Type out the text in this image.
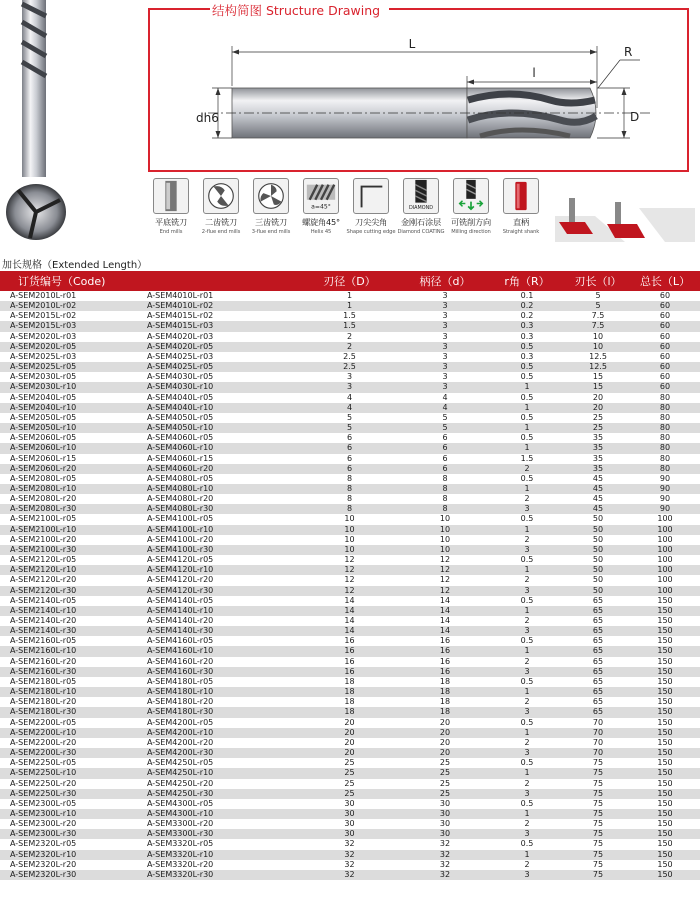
结构简图 Structure Drawing
L
l
R
dh6	D
平底铣刀
End mills
二齿铣刀
2-flue end mills
三齿铣刀
3-flue end mills
a=45°
螺旋角45°
Helix 45
刀尖尖角
Shape cutting edge
DIAMOND
金刚石涂层
Diamond COATING
可铣削方向
Milling direction
直柄
Straight shank
加长规格（Extended Length）
订货编号（Code)		刃径（D）	柄径（d）	r角（R）	刃长（l）	总长（L）
A-SEM2010L-r01	A-SEM4010L-r01	1	3	0.1	5	60
A-SEM2010L-r02	A-SEM4010L-r02	1	3	0.2	5	60
A-SEM2015L-r02	A-SEM4015L-r02	1.5	3	0.2	7.5	60
A-SEM2015L-r03	A-SEM4015L-r03	1.5	3	0.3	7.5	60
A-SEM2020L-r03	A-SEM4020L-r03	2	3	0.3	10	60
A-SEM2020L-r05	A-SEM4020L-r05	2	3	0.5	10	60
A-SEM2025L-r03	A-SEM4025L-r03	2.5	3	0.3	12.5	60
A-SEM2025L-r05	A-SEM4025L-r05	2.5	3	0.5	12.5	60
A-SEM2030L-r05	A-SEM4030L-r05	3	3	0.5	15	60
A-SEM2030L-r10	A-SEM4030L-r10	3	3	1	15	60
A-SEM2040L-r05	A-SEM4040L-r05	4	4	0.5	20	80
A-SEM2040L-r10	A-SEM4040L-r10	4	4	1	20	80
A-SEM2050L-r05	A-SEM4050L-r05	5	5	0.5	25	80
A-SEM2050L-r10	A-SEM4050L-r10	5	5	1	25	80
A-SEM2060L-r05	A-SEM4060L-r05	6	6	0.5	35	80
A-SEM2060L-r10	A-SEM4060L-r10	6	6	1	35	80
A-SEM2060L-r15	A-SEM4060L-r15	6	6	1.5	35	80
A-SEM2060L-r20	A-SEM4060L-r20	6	6	2	35	80
A-SEM2080L-r05	A-SEM4080L-r05	8	8	0.5	45	90
A-SEM2080L-r10	A-SEM4080L-r10	8	8	1	45	90
A-SEM2080L-r20	A-SEM4080L-r20	8	8	2	45	90
A-SEM2080L-r30	A-SEM4080L-r30	8	8	3	45	90
A-SEM2100L-r05	A-SEM4100L-r05	10	10	0.5	50	100
A-SEM2100L-r10	A-SEM4100L-r10	10	10	1	50	100
A-SEM2100L-r20	A-SEM4100L-r20	10	10	2	50	100
A-SEM2100L-r30	A-SEM4100L-r30	10	10	3	50	100
A-SEM2120L-r05	A-SEM4120L-r05	12	12	0.5	50	100
A-SEM2120L-r10	A-SEM4120L-r10	12	12	1	50	100
A-SEM2120L-r20	A-SEM4120L-r20	12	12	2	50	100
A-SEM2120L-r30	A-SEM4120L-r30	12	12	3	50	100
A-SEM2140L-r05	A-SEM4140L-r05	14	14	0.5	65	150
A-SEM2140L-r10	A-SEM4140L-r10	14	14	1	65	150
A-SEM2140L-r20	A-SEM4140L-r20	14	14	2	65	150
A-SEM2140L-r30	A-SEM4140L-r30	14	14	3	65	150
A-SEM2160L-r05	A-SEM4160L-r05	16	16	0.5	65	150
A-SEM2160L-r10	A-SEM4160L-r10	16	16	1	65	150
A-SEM2160L-r20	A-SEM4160L-r20	16	16	2	65	150
A-SEM2160L-r30	A-SEM4160L-r30	16	16	3	65	150
A-SEM2180L-r05	A-SEM4180L-r05	18	18	0.5	65	150
A-SEM2180L-r10	A-SEM4180L-r10	18	18	1	65	150
A-SEM2180L-r20	A-SEM4180L-r20	18	18	2	65	150
A-SEM2180L-r30	A-SEM4180L-r30	18	18	3	65	150
A-SEM2200L-r05	A-SEM4200L-r05	20	20	0.5	70	150
A-SEM2200L-r10	A-SEM4200L-r10	20	20	1	70	150
A-SEM2200L-r20	A-SEM4200L-r20	20	20	2	70	150
A-SEM2200L-r30	A-SEM4200L-r30	20	20	3	70	150
A-SEM2250L-r05	A-SEM4250L-r05	25	25	0.5	75	150
A-SEM2250L-r10	A-SEM4250L-r10	25	25	1	75	150
A-SEM2250L-r20	A-SEM4250L-r20	25	25	2	75	150
A-SEM2250L-r30	A-SEM4250L-r30	25	25	3	75	150
A-SEM2300L-r05	A-SEM4300L-r05	30	30	0.5	75	150
A-SEM2300L-r10	A-SEM4300L-r10	30	30	1	75	150
A-SEM2300L-r20	A-SEM3300L-r20	30	30	2	75	150
A-SEM2300L-r30	A-SEM3300L-r30	30	30	3	75	150
A-SEM2320L-r05	A-SEM3320L-r05	32	32	0.5	75	150
A-SEM2320L-r10	A-SEM3320L-r10	32	32	1	75	150
A-SEM2320L-r20	A-SEM3320L-r20	32	32	2	75	150
A-SEM2320L-r30	A-SEM3320L-r30	32	32	3	75	150
